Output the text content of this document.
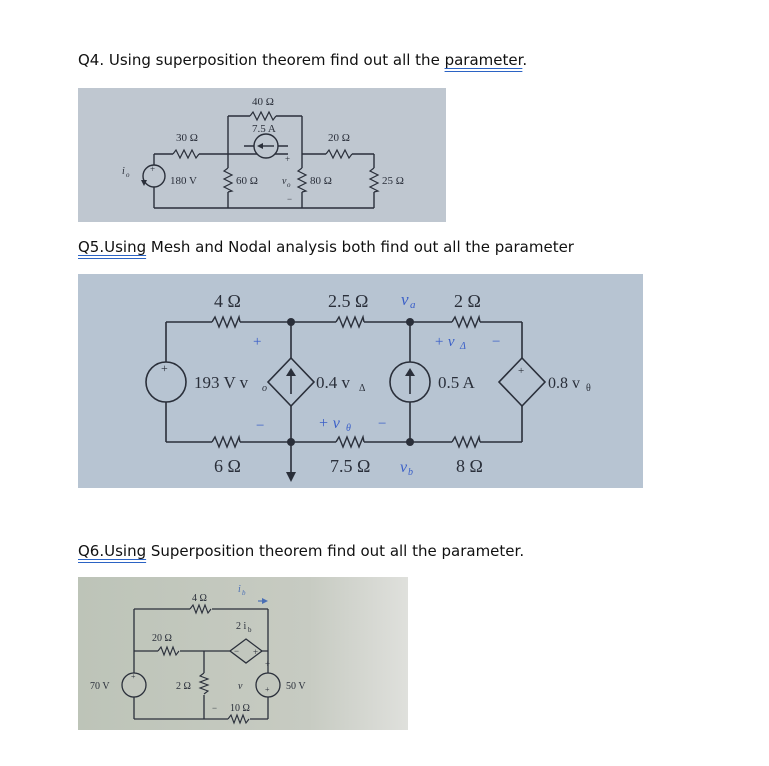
Q4. Using superposition theorem find out all the parameter.
40 Ω
7.5 A
30 Ω	20 Ω
i o
+
180 V	60 Ω
+
v o
−
80 Ω	25 Ω
Q5.Using Mesh and Nodal analysis both find out all the parameter
4 Ω	2.5 Ω v a 2 Ω
+ v Δ −
+
+
193 V v o	0.4 v Δ	0.5 A
+
0.8 v θ
−	+ v θ −
6 Ω	7.5 Ω v b 8 Ω
Q6.Using Superposition theorem find out all the parameter.
i b
4 Ω
2 i b
− +
20 Ω
+
70 V	2 Ω
+
v
−
+ 50 V
10 Ω
